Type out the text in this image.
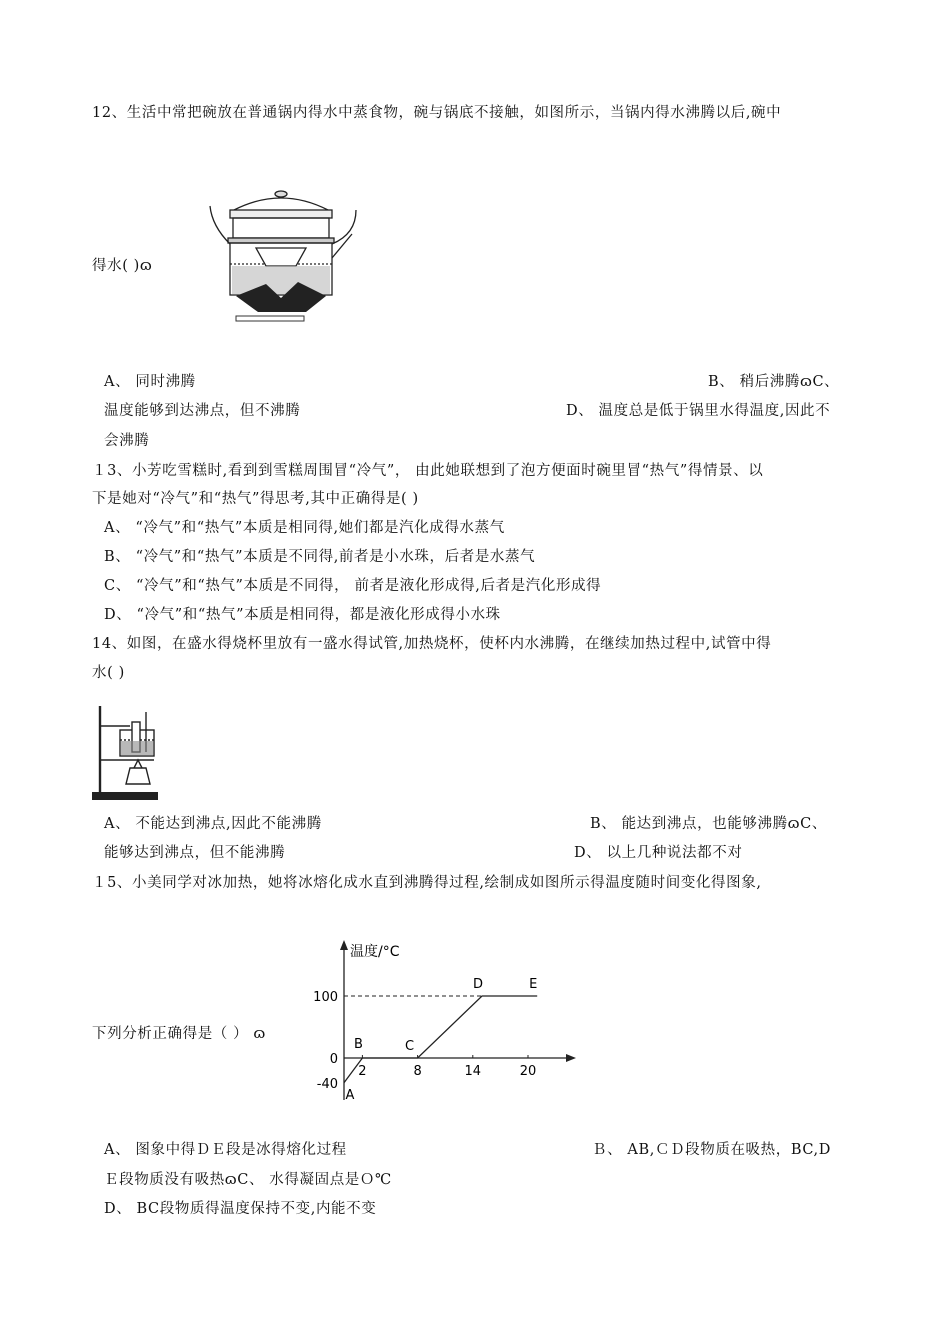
12、生活中常把碗放在普通锅内得水中蒸食物，碗与锅底不接触，如图所示，当锅内得水沸腾以后,碗中
得水( )ɷ
A、 同时沸腾	B、 稍后沸腾ɷC、
温度能够到达沸点，但不沸腾	D、 温度总是低于锅里水得温度,因此不
会沸腾
１3、小芳吃雪糕时,看到到雪糕周围冒“冷气”， 由此她联想到了泡方便面时碗里冒“热气”得情景、以
下是她对“冷气”和“热气”得思考,其中正确得是( )
A、 “冷气”和“热气”本质是相同得,她们都是汽化成得水蒸气
B、 “冷气”和“热气”本质是不同得,前者是小水珠，后者是水蒸气
C、 “冷气”和“热气”本质是不同得， 前者是液化形成得,后者是汽化形成得
D、 “冷气”和“热气”本质是相同得，都是液化形成得小水珠
14、如图，在盛水得烧杯里放有一盛水得试管,加热烧杯，使杯内水沸腾，在继续加热过程中,试管中得
水( )
A、 不能达到沸点,因此不能沸腾	B、 能达到沸点，也能够沸腾ɷC、
能够达到沸点，但不能沸腾	D、 以上几种说法都不对
１5、小美同学对冰加热，她将冰熔化成水直到沸腾得过程,绘制成如图所示得温度随时间变化得图象,
下列分析正确得是（ ） ɷ
温度/°C
100
0
-40
2	8	14	20
A
B	C
D	E
A、 图象中得ＤＥ段是冰得熔化过程	Ｂ、 AB,ＣＤ段物质在吸热，BC,D
Ｅ段物质没有吸热ɷC、 水得凝固点是Ｏ℃
D、 BC段物质得温度保持不变,内能不变
